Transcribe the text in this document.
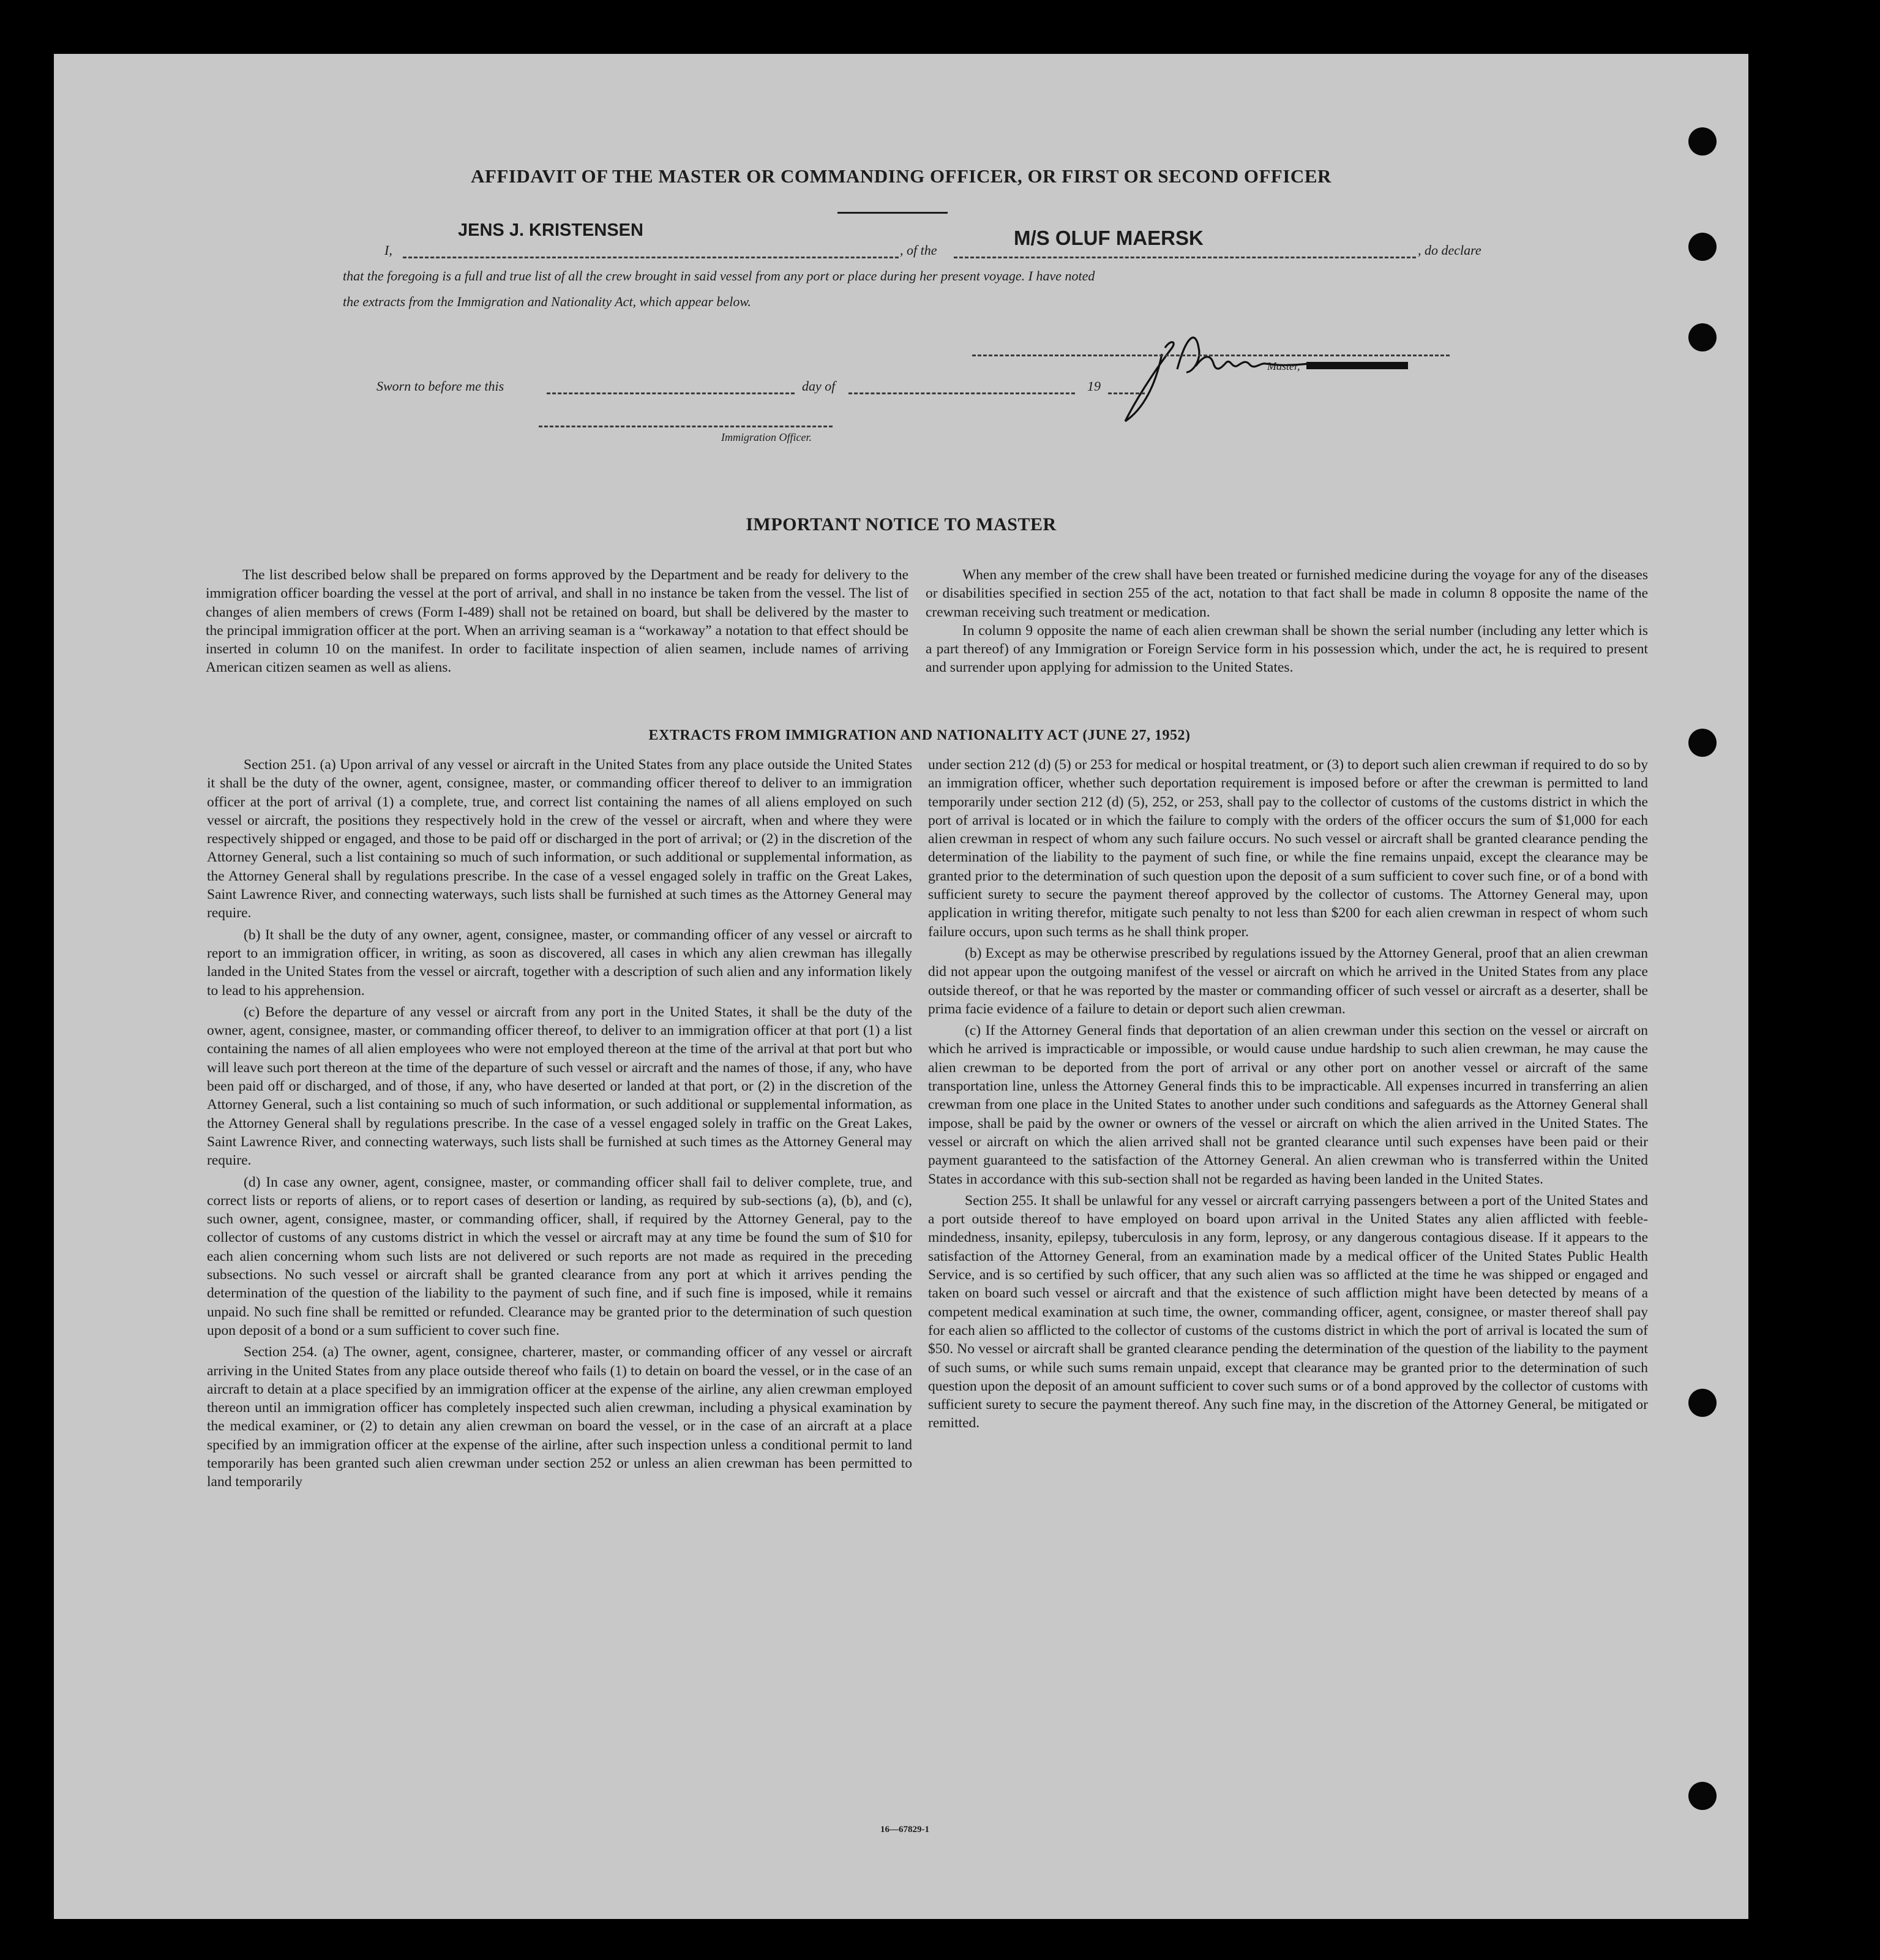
AFFIDAVIT OF THE MASTER OR COMMANDING OFFICER, OR FIRST OR SECOND OFFICER
I,
JENS J. KRISTENSEN
, of the
M/S OLUF MAERSK
, do declare
that the foregoing is a full and true list of all the crew brought in said vessel from any port or place during her present voyage. I have noted
the extracts from the Immigration and Nationality Act, which appear below.
Master,
Sworn to before me this	day of	19
Immigration Officer.
IMPORTANT NOTICE TO MASTER

The list described below shall be prepared on forms approved by the Department and be ready for delivery to the immigration officer boarding the vessel at the port of arrival, and shall in no instance be taken from the vessel. The list of changes of alien members of crews (Form I-489) shall not be retained on board, but shall be delivered by the master to the principal immigration officer at the port. When an arriving seaman is a “workaway” a notation to that effect should be inserted in column 10 on the manifest. In order to facilitate inspection of alien seamen, include names of arriving American citizen seamen as well as aliens.

When any member of the crew shall have been treated or furnished medicine during the voyage for any of the diseases or disabilities specified in section 255 of the act, notation to that fact shall be made in column 8 opposite the name of the crewman receiving such treatment or medication.

In column 9 opposite the name of each alien crewman shall be shown the serial number (including any letter which is a part thereof) of any Immigration or Foreign Service form in his possession which, under the act, he is required to present and surrender upon applying for admission to the United States.

EXTRACTS FROM IMMIGRATION AND NATIONALITY ACT (JUNE 27, 1952)

Section 251. (a) Upon arrival of any vessel or aircraft in the United States from any place outside the United States it shall be the duty of the owner, agent, consignee, master, or commanding officer thereof to deliver to an immigration officer at the port of arrival (1) a complete, true, and correct list containing the names of all aliens employed on such vessel or aircraft, the positions they respectively hold in the crew of the vessel or aircraft, when and where they were respectively shipped or engaged, and those to be paid off or discharged in the port of arrival; or (2) in the discretion of the Attorney General, such a list containing so much of such information, or such additional or supplemental information, as the Attorney General shall by regulations prescribe. In the case of a vessel engaged solely in traffic on the Great Lakes, Saint Lawrence River, and connecting waterways, such lists shall be furnished at such times as the Attorney General may require.

(b) It shall be the duty of any owner, agent, consignee, master, or commanding officer of any vessel or aircraft to report to an immigration officer, in writing, as soon as discovered, all cases in which any alien crewman has illegally landed in the United States from the vessel or aircraft, together with a description of such alien and any information likely to lead to his apprehension.

(c) Before the departure of any vessel or aircraft from any port in the United States, it shall be the duty of the owner, agent, consignee, master, or commanding officer thereof, to deliver to an immigration officer at that port (1) a list containing the names of all alien employees who were not employed thereon at the time of the arrival at that port but who will leave such port thereon at the time of the departure of such vessel or aircraft and the names of those, if any, who have been paid off or discharged, and of those, if any, who have deserted or landed at that port, or (2) in the discretion of the Attorney General, such a list containing so much of such information, or such additional or supplemental information, as the Attorney General shall by regulations prescribe. In the case of a vessel engaged solely in traffic on the Great Lakes, Saint Lawrence River, and connecting waterways, such lists shall be furnished at such times as the Attorney General may require.

(d) In case any owner, agent, consignee, master, or commanding officer shall fail to deliver complete, true, and correct lists or reports of aliens, or to report cases of desertion or landing, as required by sub-sections (a), (b), and (c), such owner, agent, consignee, master, or commanding officer, shall, if required by the Attorney General, pay to the collector of customs of any customs district in which the vessel or aircraft may at any time be found the sum of $10 for each alien concerning whom such lists are not delivered or such reports are not made as required in the preceding subsections. No such vessel or aircraft shall be granted clearance from any port at which it arrives pending the determination of the question of the liability to the payment of such fine, and if such fine is imposed, while it remains unpaid. No such fine shall be remitted or refunded. Clearance may be granted prior to the determination of such question upon deposit of a bond or a sum sufficient to cover such fine.

Section 254. (a) The owner, agent, consignee, charterer, master, or commanding officer of any vessel or aircraft arriving in the United States from any place outside thereof who fails (1) to detain on board the vessel, or in the case of an aircraft to detain at a place specified by an immigration officer at the expense of the airline, any alien crewman employed thereon until an immigration officer has completely inspected such alien crewman, including a physical examination by the medical examiner, or (2) to detain any alien crewman on board the vessel, or in the case of an aircraft at a place specified by an immigration officer at the expense of the airline, after such inspection unless a conditional permit to land temporarily has been granted such alien crewman under section 252 or unless an alien crewman has been permitted to land temporarily

under section 212 (d) (5) or 253 for medical or hospital treatment, or (3) to deport such alien crewman if required to do so by an immigration officer, whether such deportation requirement is imposed before or after the crewman is permitted to land temporarily under section 212 (d) (5), 252, or 253, shall pay to the collector of customs of the customs district in which the port of arrival is located or in which the failure to comply with the orders of the officer occurs the sum of $1,000 for each alien crewman in respect of whom any such failure occurs. No such vessel or aircraft shall be granted clearance pending the determination of the liability to the payment of such fine, or while the fine remains unpaid, except the clearance may be granted prior to the determination of such question upon the deposit of a sum sufficient to cover such fine, or of a bond with sufficient surety to secure the payment thereof approved by the collector of customs. The Attorney General may, upon application in writing therefor, mitigate such penalty to not less than $200 for each alien crewman in respect of whom such failure occurs, upon such terms as he shall think proper.

(b) Except as may be otherwise prescribed by regulations issued by the Attorney General, proof that an alien crewman did not appear upon the outgoing manifest of the vessel or aircraft on which he arrived in the United States from any place outside thereof, or that he was reported by the master or commanding officer of such vessel or aircraft as a deserter, shall be prima facie evidence of a failure to detain or deport such alien crewman.

(c) If the Attorney General finds that deportation of an alien crewman under this section on the vessel or aircraft on which he arrived is impracticable or impossible, or would cause undue hardship to such alien crewman, he may cause the alien crewman to be deported from the port of arrival or any other port on another vessel or aircraft of the same transportation line, unless the Attorney General finds this to be impracticable. All expenses incurred in transferring an alien crewman from one place in the United States to another under such conditions and safeguards as the Attorney General shall impose, shall be paid by the owner or owners of the vessel or aircraft on which the alien arrived in the United States. The vessel or aircraft on which the alien arrived shall not be granted clearance until such expenses have been paid or their payment guaranteed to the satisfaction of the Attorney General. An alien crewman who is transferred within the United States in accordance with this sub-section shall not be regarded as having been landed in the United States.

Section 255. It shall be unlawful for any vessel or aircraft carrying passengers between a port of the United States and a port outside thereof to have employed on board upon arrival in the United States any alien afflicted with feeble-mindedness, insanity, epilepsy, tuberculosis in any form, leprosy, or any dangerous contagious disease. If it appears to the satisfaction of the Attorney General, from an examination made by a medical officer of the United States Public Health Service, and is so certified by such officer, that any such alien was so afflicted at the time he was shipped or engaged and taken on board such vessel or aircraft and that the existence of such affliction might have been detected by means of a competent medical examination at such time, the owner, commanding officer, agent, consignee, or master thereof shall pay for each alien so afflicted to the collector of customs of the customs district in which the port of arrival is located the sum of $50. No vessel or aircraft shall be granted clearance pending the determination of the question of the liability to the payment of such sums, or while such sums remain unpaid, except that clearance may be granted prior to the determination of such question upon the deposit of an amount sufficient to cover such sums or of a bond approved by the collector of customs with sufficient surety to secure the payment thereof. Any such fine may, in the discretion of the Attorney General, be mitigated or remitted.

16—67829-1
